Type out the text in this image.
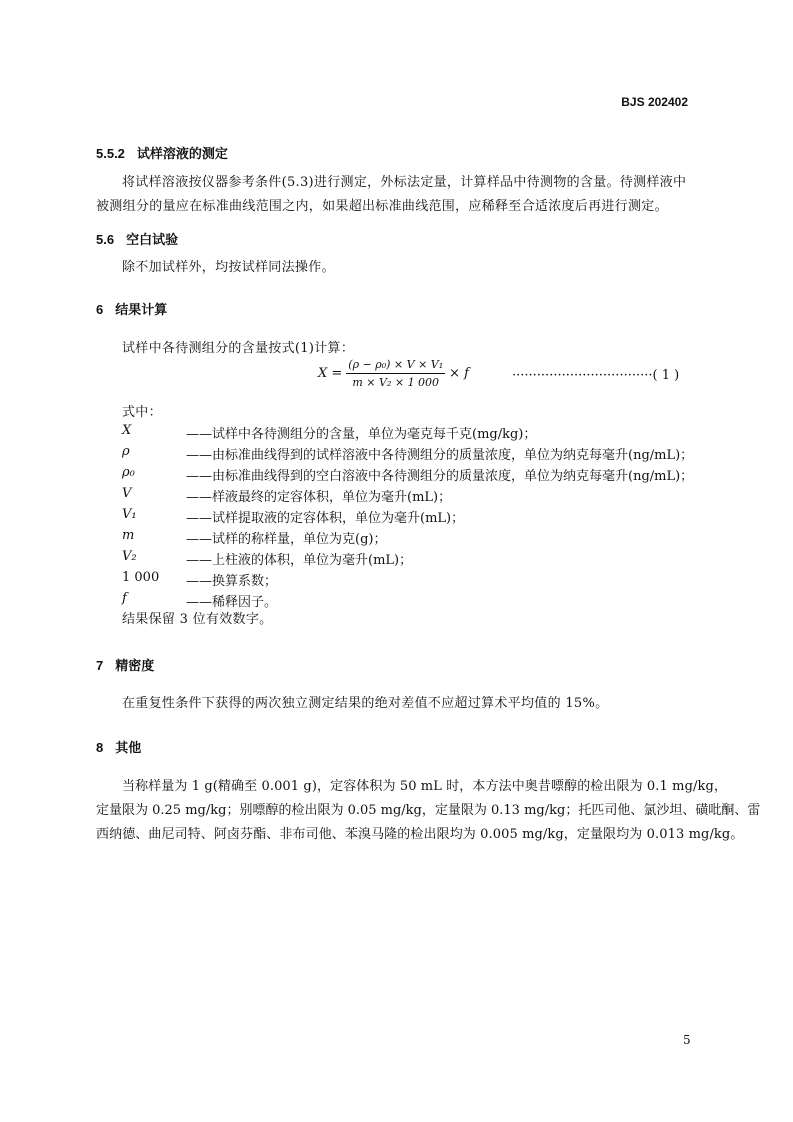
BJS 202402
5.5.2 试样溶液的测定
将试样溶液按仪器参考条件(5.3)进行测定，外标法定量，计算样品中待测物的含量。待测样液中
被测组分的量应在标准曲线范围之内，如果超出标准曲线范围，应稀释至合适浓度后再进行测定。
5.6 空白试验
除不加试样外，均按试样同法操作。
6 结果计算
试样中各待测组分的含量按式(1)计算：
$X = \frac{\text{(ρ − ρ₀) × V × V₁}}{\text{m × V₂ × 1 000}} \times f$	··································( 1 )
式中：
X	——试样中各待测组分的含量，单位为毫克每千克(mg/kg)；
ρ	——由标准曲线得到的试样溶液中各待测组分的质量浓度，单位为纳克每毫升(ng/mL)；
ρ₀	——由标准曲线得到的空白溶液中各待测组分的质量浓度，单位为纳克每毫升(ng/mL)；
V	——样液最终的定容体积，单位为毫升(mL)；
V₁	——试样提取液的定容体积，单位为毫升(mL)；
m	——试样的称样量，单位为克(g)；
V₂	——上柱液的体积，单位为毫升(mL)；
1 000	——换算系数；
f	——稀释因子。
结果保留 3 位有效数字。
7 精密度
在重复性条件下获得的两次独立测定结果的绝对差值不应超过算术平均值的 15%。
8 其他
当称样量为 1 g(精确至 0.001 g)，定容体积为 50 mL 时，本方法中奥昔嘌醇的检出限为 0.1 mg/kg，
定量限为 0.25 mg/kg；别嘌醇的检出限为 0.05 mg/kg，定量限为 0.13 mg/kg；托匹司他、氯沙坦、磺吡酮、雷
西纳德、曲尼司特、阿卤芬酯、非布司他、苯溴马隆的检出限均为 0.005 mg/kg，定量限均为 0.013 mg/kg。
5
